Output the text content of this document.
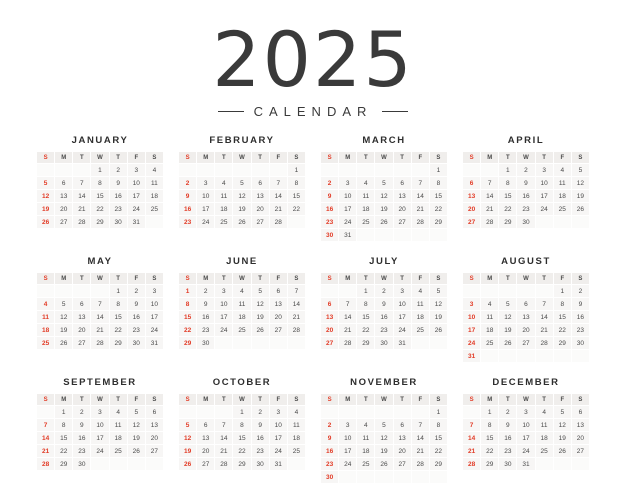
2025
CALENDAR
JANUARY
S	M	T	W	T	F	S
			1	2	3	4
5	6	7	8	9	10	11
12	13	14	15	16	17	18
19	20	21	22	23	24	25
26	27	28	29	30	31	
FEBRUARY
S	M	T	W	T	F	S
						1
2	3	4	5	6	7	8
9	10	11	12	13	14	15
16	17	18	19	20	21	22
23	24	25	26	27	28	
MARCH
S	M	T	W	T	F	S
						1
2	3	4	5	6	7	8
9	10	11	12	13	14	15
16	17	18	19	20	21	22
23	24	25	26	27	28	29
30	31					
APRIL
S	M	T	W	T	F	S
		1	2	3	4	5
6	7	8	9	10	11	12
13	14	15	16	17	18	19
20	21	22	23	24	25	26
27	28	29	30			
MAY
S	M	T	W	T	F	S
				1	2	3
4	5	6	7	8	9	10
11	12	13	14	15	16	17
18	19	20	21	22	23	24
25	26	27	28	29	30	31
JUNE
S	M	T	W	T	F	S
1	2	3	4	5	6	7
8	9	10	11	12	13	14
15	16	17	18	19	20	21
22	23	24	25	26	27	28
29	30					
JULY
S	M	T	W	T	F	S
		1	2	3	4	5
6	7	8	9	10	11	12
13	14	15	16	17	18	19
20	21	22	23	24	25	26
27	28	29	30	31		
AUGUST
S	M	T	W	T	F	S
					1	2
3	4	5	6	7	8	9
10	11	12	13	14	15	16
17	18	19	20	21	22	23
24	25	26	27	28	29	30
31						
SEPTEMBER
S	M	T	W	T	F	S
	1	2	3	4	5	6
7	8	9	10	11	12	13
14	15	16	17	18	19	20
21	22	23	24	25	26	27
28	29	30				
OCTOBER
S	M	T	W	T	F	S
			1	2	3	4
5	6	7	8	9	10	11
12	13	14	15	16	17	18
19	20	21	22	23	24	25
26	27	28	29	30	31	
NOVEMBER
S	M	T	W	T	F	S
						1
2	3	4	5	6	7	8
9	10	11	12	13	14	15
16	17	18	19	20	21	22
23	24	25	26	27	28	29
30						
DECEMBER
S	M	T	W	T	F	S
	1	2	3	4	5	6
7	8	9	10	11	12	13
14	15	16	17	18	19	20
21	22	23	24	25	26	27
28	29	30	31			
